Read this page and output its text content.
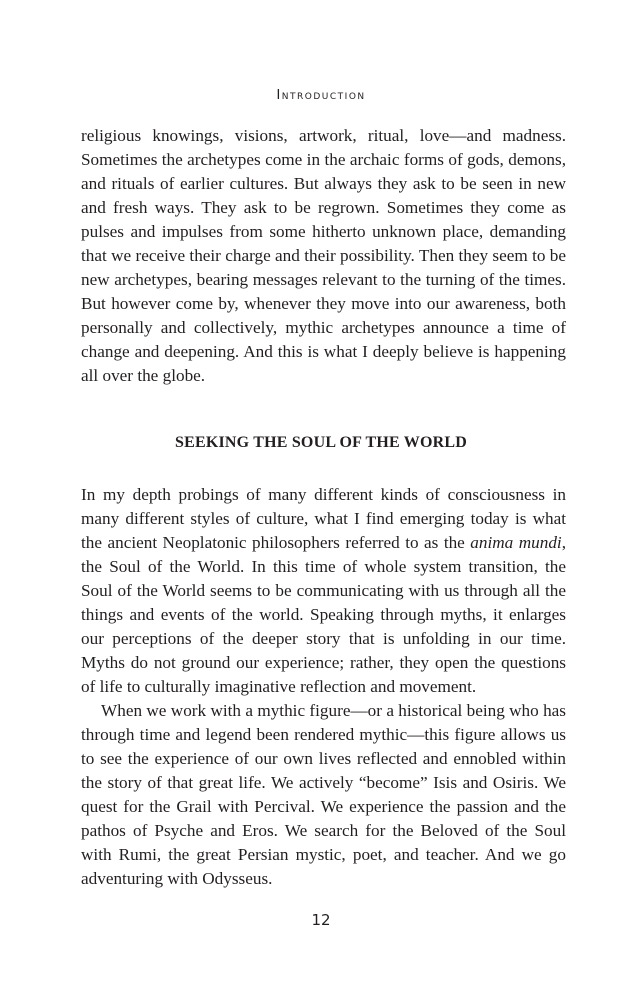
Introduction

religious knowings, visions, artwork, ritual, love—and madness. Sometimes the archetypes come in the archaic forms of gods, demons, and rituals of earlier cultures. But always they ask to be seen in new and fresh ways. They ask to be regrown. Sometimes they come as pulses and impulses from some hitherto unknown place, demanding that we receive their charge and their possibility. Then they seem to be new archetypes, bearing messages relevant to the turning of the times. But however come by, whenever they move into our awareness, both personally and collectively, mythic archetypes announce a time of change and deepening. And this is what I deeply believe is happening all over the globe.

SEEKING THE SOUL OF THE WORLD

In my depth probings of many different kinds of consciousness in many different styles of culture, what I find emerging today is what the ancient Neoplatonic philosophers referred to as the anima mundi, the Soul of the World. In this time of whole system transition, the Soul of the World seems to be communicating with us through all the things and events of the world. Speaking through myths, it enlarges our perceptions of the deeper story that is unfolding in our time. Myths do not ground our experience; rather, they open the questions of life to culturally imaginative reflection and movement.

When we work with a mythic figure—or a historical being who has through time and legend been rendered mythic—this figure allows us to see the experience of our own lives reflected and ennobled within the story of that great life. We actively “become” Isis and Osiris. We quest for the Grail with Percival. We experience the passion and the pathos of Psyche and Eros. We search for the Beloved of the Soul with Rumi, the great Persian mystic, poet, and teacher. And we go adventuring with Odysseus.

12
